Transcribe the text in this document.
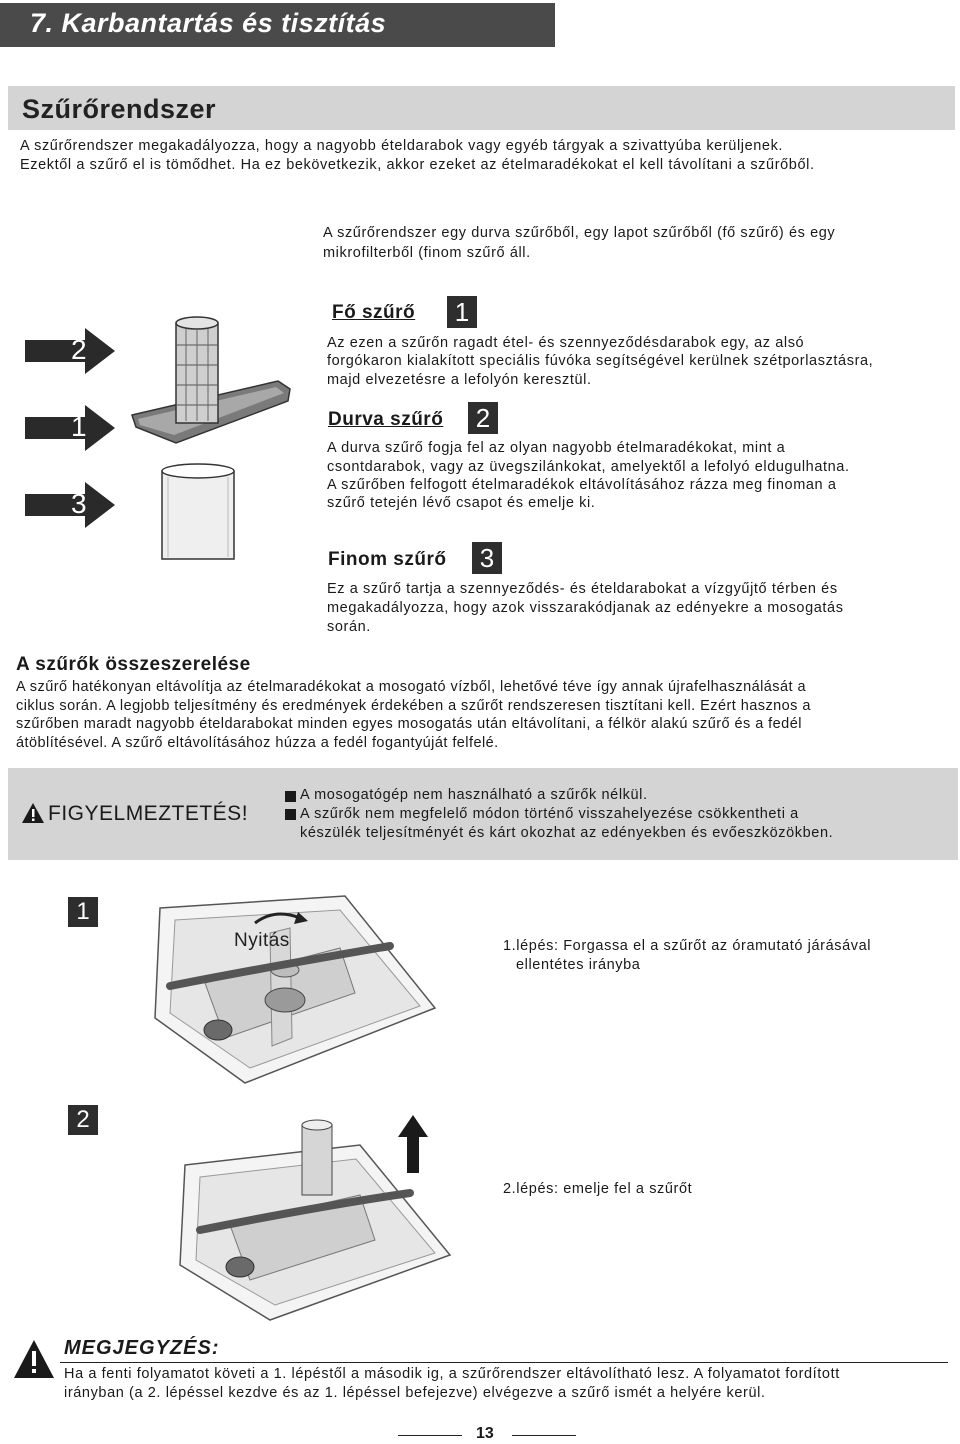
7. Karbantartás és tisztítás
Szűrőrendszer
A szűrőrendszer megakadályozza, hogy a nagyobb ételdarabok vagy egyéb tárgyak a szivattyúba kerüljenek.
Ezektől a szűrő el is tömődhet. Ha ez bekövetkezik, akkor ezeket az ételmaradékokat el kell távolítani a szűrőből.
A szűrőrendszer egy durva szűrőből, egy lapot szűrőből (fő szűrő) és egy
mikrofilterből (finom szűrő áll.
2
1
3
Fő szűrő 1
Az ezen a szűrőn ragadt étel- és szennyeződésdarabok egy, az alsó
forgókaron kialakított speciális fúvóka segítségével kerülnek szétporlasztásra,
majd elvezetésre a lefolyón keresztül.
Durva szűrő 2
A durva szűrő fogja fel az olyan nagyobb ételmaradékokat, mint a
csontdarabok, vagy az üvegszilánkokat, amelyektől a lefolyó eldugulhatna.
A szűrőben felfogott ételmaradékok eltávolításához rázza meg finoman a
szűrő tetején lévő csapot és emelje ki.
Finom szűrő 3
Ez a szűrő tartja a szennyeződés- és ételdarabokat a vízgyűjtő térben és
megakadályozza, hogy azok visszarakódjanak az edényekre a mosogatás
során.
A szűrők összeszerelése
A szűrő hatékonyan eltávolítja az ételmaradékokat a mosogató vízből, lehetővé téve így annak újrafelhasználását a
ciklus során. A legjobb teljesítmény és eredmények érdekében a szűrőt rendszeresen tisztítani kell. Ezért hasznos a
szűrőben maradt nagyobb ételdarabokat minden egyes mosogatás után eltávolítani, a félkör alakú szűrő és a fedél
átöblítésével. A szűrő eltávolításához húzza a fedél fogantyúját felfelé.
FIGYELMEZTETÉS!
A mosogatógép nem használható a szűrők nélkül.
A szűrők nem megfelelő módon történő visszahelyezése csökkentheti a
készülék teljesítményét és kárt okozhat az edényekben és evőeszközökben.
1
Nyitás	1.lépés: Forgassa el a szűrőt az óramutató járásával
ellentétes irányba
2
2.lépés: emelje fel a szűrőt
MEGJEGYZÉS:
Ha a fenti folyamatot követi a 1. lépéstől a második ig, a szűrőrendszer eltávolítható lesz. A folyamatot fordított
irányban (a 2. lépéssel kezdve és az 1. lépéssel befejezve) elvégezve a szűrő ismét a helyére kerül.
13
